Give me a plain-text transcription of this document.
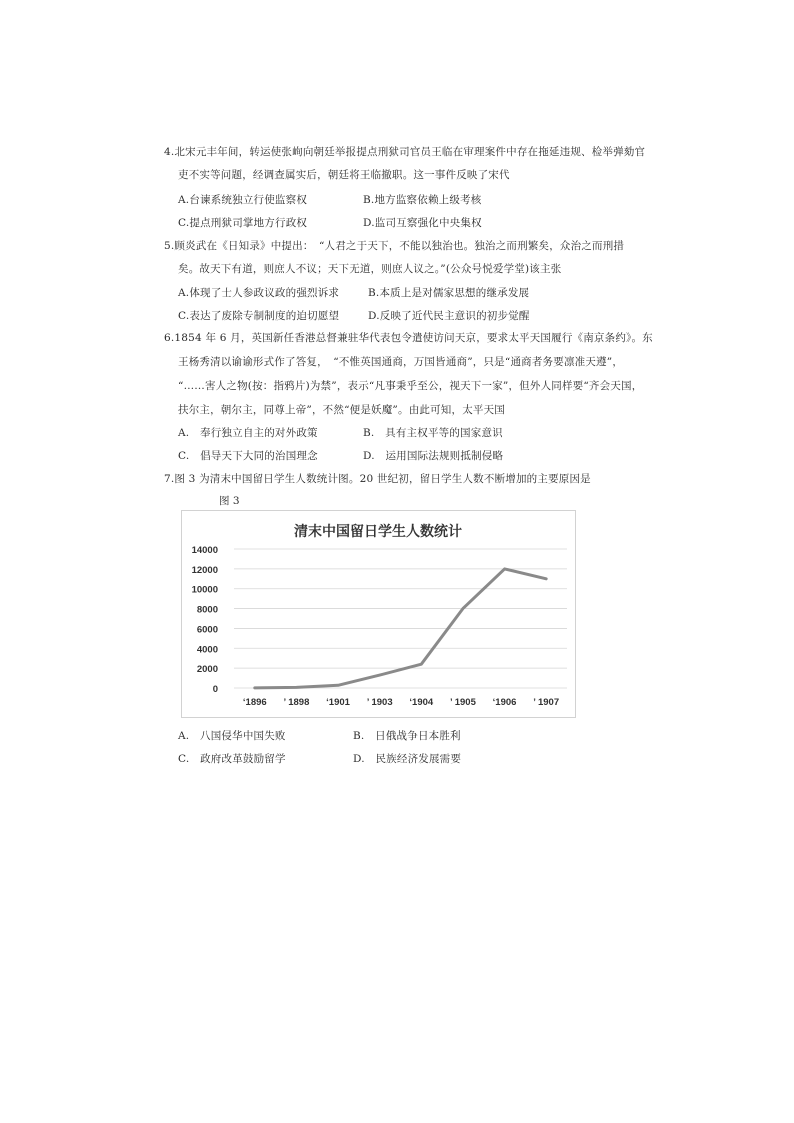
4.北宋元丰年间，转运使张峋向朝廷举报提点刑狱司官员王临在审理案件中存在拖延违规、检举弹劾官
吏不实等问题，经调查属实后，朝廷将王临撤职。这一事件反映了宋代
A.台谏系统独立行使监察权	B.地方监察依赖上级考核
C.提点刑狱司掌地方行政权	D.监司互察强化中央集权
5.顾炎武在《日知录》中提出：　“人君之于天下，不能以独治也。独治之而刑繁矣，众治之而刑措
矣。故天下有道，则庶人不议；天下无道，则庶人议之。”(公众号悦爱学堂)该主张
A.体现了士人参政议政的强烈诉求	B.本质上是对儒家思想的继承发展
C.表达了废除专制制度的迫切愿望	D.反映了近代民主意识的初步觉醒
6.1854 年 6 月，英国新任香港总督兼驻华代表包令遣使访问天京，要求太平天国履行《南京条约》。东
王杨秀清以谕谕形式作了答复，　“不惟英国通商，万国皆通商”，只是“通商者务要凛准天遵”，
“……害人之物(按：指鸦片)为禁”，表示“凡事秉乎至公，视天下一家”，但外人同样要“齐会天国，
扶尔主，朝尔主，同尊上帝”，不然“便是妖魔”。由此可知，太平天国
A.　奉行独立自主的对外政策	B.　具有主权平等的国家意识
C.　倡导天下大同的治国理念	D.　运用国际法规则抵制侵略
7.图 3 为清末中国留日学生人数统计图。20 世纪初，留日学生人数不断增加的主要原因是
图 3
清末中国留日学生人数统计
14000
12000
10000
8000
6000
4000
2000
0
‘1896 ’ 1898 ‘1901 ’ 1903 ‘1904 ’ 1905 ‘1906 ’ 1907
A.　八国侵华中国失败	B.　日俄战争日本胜利
C.　政府改革鼓励留学	D.　民族经济发展需要
